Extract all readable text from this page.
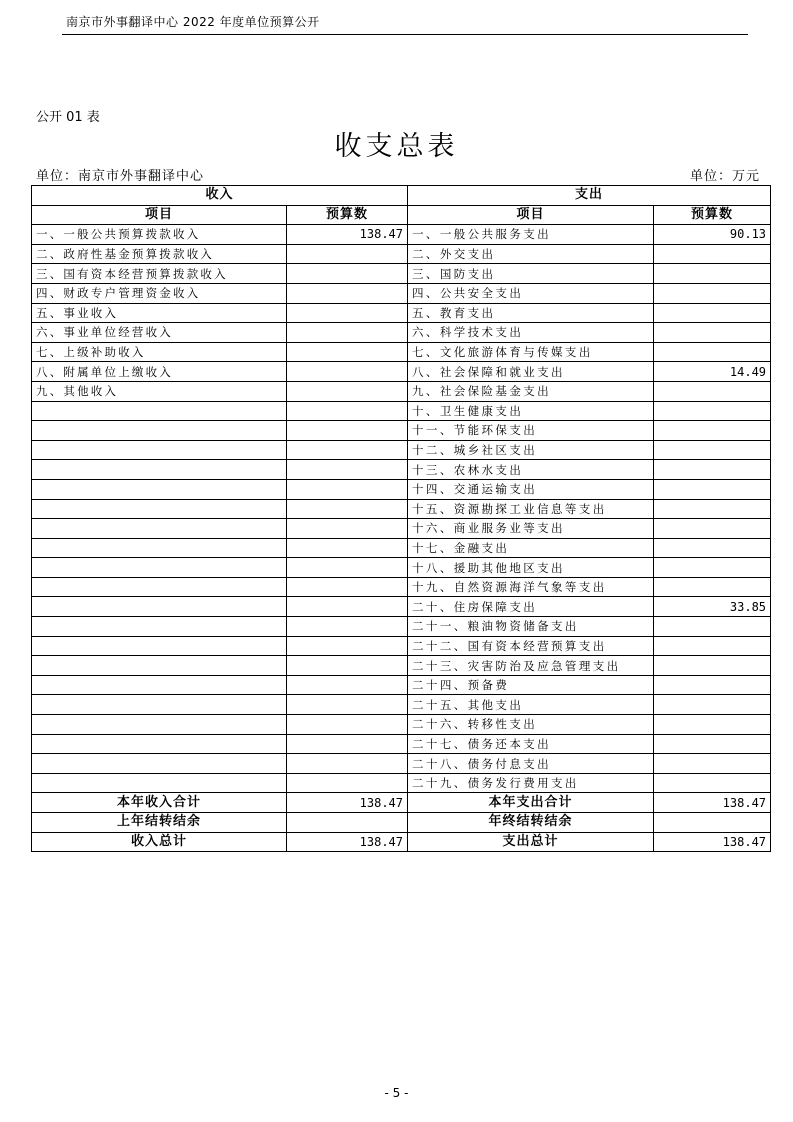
南京市外事翻译中心 2022 年度单位预算公开
公开 01 表
收支总表
单位：南京市外事翻译中心	单位：万元
收入		支出	
项目	预算数	项目	预算数
一、一般公共预算拨款收入	138.47	一、一般公共服务支出	90.13
二、政府性基金预算拨款收入		二、外交支出	
三、国有资本经营预算拨款收入		三、国防支出	
四、财政专户管理资金收入		四、公共安全支出	
五、事业收入		五、教育支出	
六、事业单位经营收入		六、科学技术支出	
七、上级补助收入		七、文化旅游体育与传媒支出	
八、附属单位上缴收入		八、社会保障和就业支出	14.49
九、其他收入		九、社会保险基金支出	
		十、卫生健康支出	
		十一、节能环保支出	
		十二、城乡社区支出	
		十三、农林水支出	
		十四、交通运输支出	
		十五、资源勘探工业信息等支出	
		十六、商业服务业等支出	
		十七、金融支出	
		十八、援助其他地区支出	
		十九、自然资源海洋气象等支出	
		二十、住房保障支出	33.85
		二十一、粮油物资储备支出	
		二十二、国有资本经营预算支出	
		二十三、灾害防治及应急管理支出	
		二十四、预备费	
		二十五、其他支出	
		二十六、转移性支出	
		二十七、债务还本支出	
		二十八、债务付息支出	
		二十九、债务发行费用支出	
本年收入合计	138.47	本年支出合计	138.47
上年结转结余		年终结转结余	
收入总计	138.47	支出总计	138.47
- 5 -
